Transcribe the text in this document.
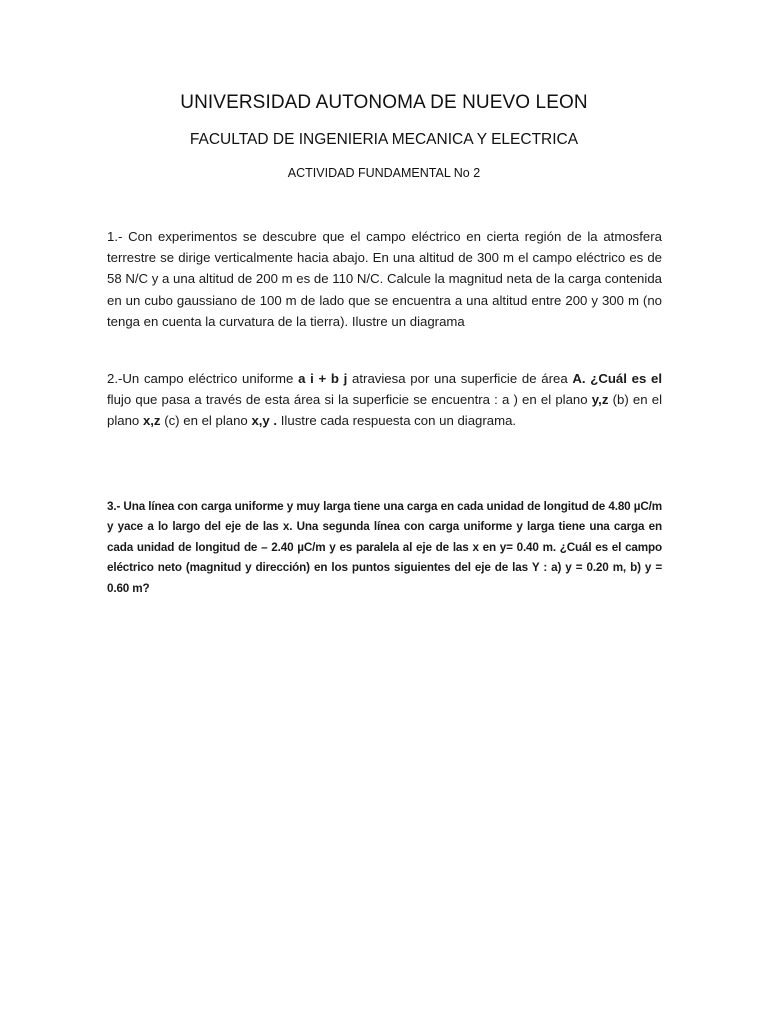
UNIVERSIDAD AUTONOMA DE NUEVO LEON
FACULTAD DE INGENIERIA MECANICA Y ELECTRICA
ACTIVIDAD FUNDAMENTAL No 2

1.- Con experimentos se descubre que el campo eléctrico en cierta región de la atmosfera terrestre se dirige verticalmente hacia abajo. En una altitud de 300 m el campo eléctrico es de 58 N/C y a una altitud de 200 m es de 110 N/C. Calcule la magnitud neta de la carga contenida en un cubo gaussiano de 100 m de lado que se encuentra a una altitud entre 200 y 300 m (no tenga en cuenta la curvatura de la tierra). Ilustre un diagrama

2.-Un campo eléctrico uniforme a i + b j atraviesa por una superficie de área A. ¿Cuál es el flujo que pasa a través de esta área si la superficie se encuentra : a ) en el plano y,z (b) en el plano x,z (c) en el plano x,y . Ilustre cada respuesta con un diagrama.

3.- Una línea con carga uniforme y muy larga tiene una carga en cada unidad de longitud de 4.80 µC/m y yace a lo largo del eje de las x. Una segunda línea con carga uniforme y larga tiene una carga en cada unidad de longitud de – 2.40 µC/m y es paralela al eje de las x en y= 0.40 m. ¿Cuál es el campo eléctrico neto (magnitud y dirección) en los puntos siguientes del eje de las Y : a) y = 0.20 m, b) y = 0.60 m?
